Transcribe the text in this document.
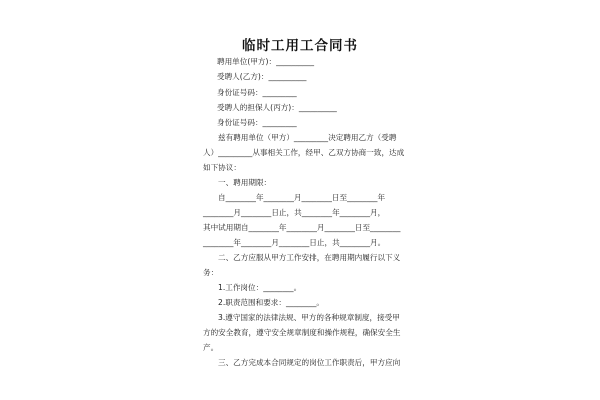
临时工用工合同书
聘用单位(甲方)：__________
受聘人(乙方)：__________
身份证号码：_________
受聘人的担保人(丙方)：__________
身份证号码：_________
兹有聘用单位（甲方）_________决定聘用乙方（受聘
人）_________从事相关工作，经甲、乙双方协商一致，达成
如下协议：
一、聘用期限：
自________年________月________日至________年
________月________日止，共________年________月，
其中试用期自________年________月________日至________
________年________月________日止，共________月。
二、乙方应服从甲方工作安排，在聘用期内履行以下义
务：
1.工作岗位：________。
2.职责范围和要求：________。
3.遵守国家的法律法规、甲方的各种规章制度，接受甲
方的安全教育，遵守安全规章制度和操作规程，确保安全生
产。
三、乙方完成本合同规定的岗位工作职责后，甲方应向
